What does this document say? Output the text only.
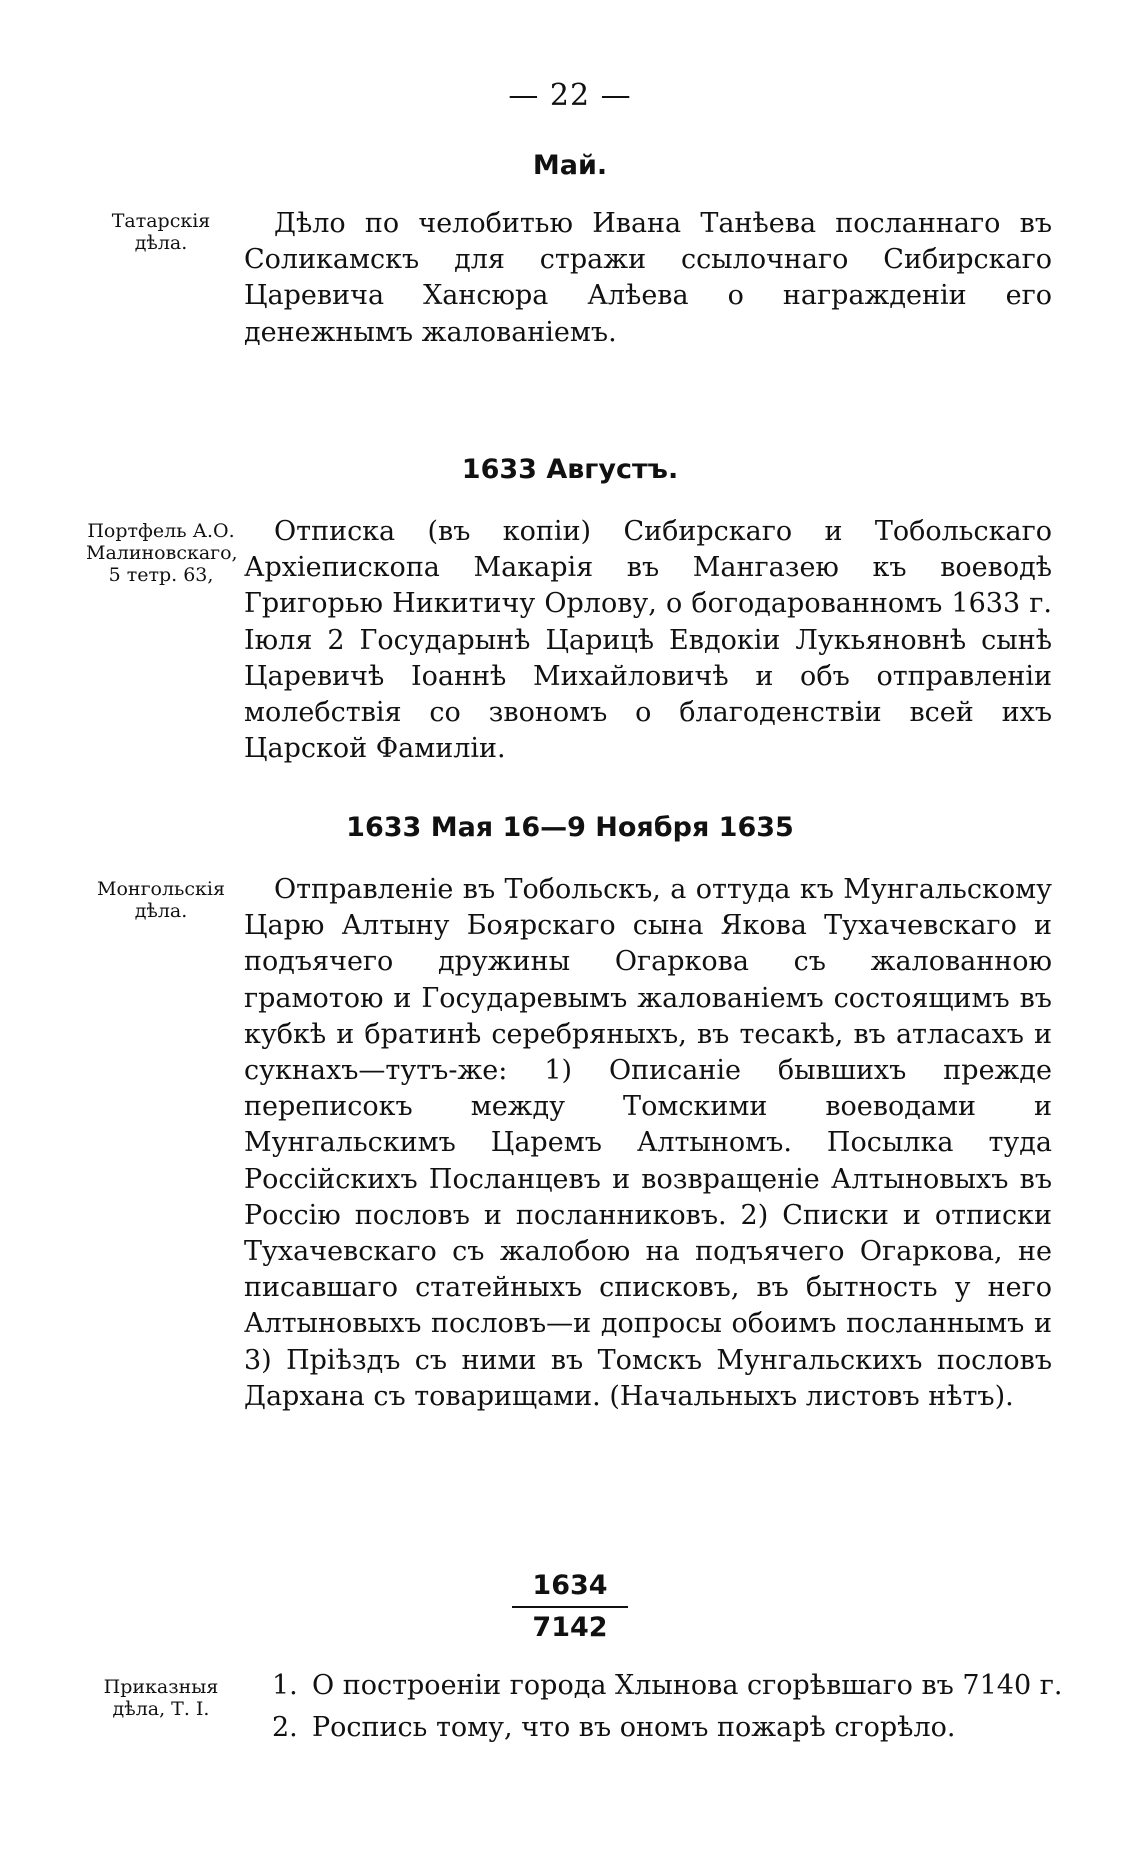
— 22 —
Май.
Татарскія дѣла.

Дѣло по челобитью Ивана Танѣева посланнаго въ Соликамскъ для стражи ссылочнаго Сибирскаго Царевича Хансюра Алѣева о награжденіи его денежнымъ жалованіемъ.

1633 Августъ.
Портфель А.О. Малиновскаго, 5 тетр. 63,

Отписка (въ копіи) Сибирскаго и Тобольскаго Архіепископа Макарія въ Мангазею къ воеводѣ Григорью Никитичу Орлову, о богодарованномъ 1633 г. Іюля 2 Государынѣ Царицѣ Евдокіи Лукьяновнѣ сынѣ Царевичѣ Іоаннѣ Михайловичѣ и объ отправленіи молебствія со звономъ о благоденствіи всей ихъ Царской Фамиліи.

1633 Мая 16—9 Ноября 1635
Монгольскія дѣла.

Отправленіе въ Тобольскъ, а оттуда къ Мунгальскому Царю Алтыну Боярскаго сына Якова Тухачевскаго и подъячего дружины Огаркова съ жалованною грамотою и Государевымъ жалованіемъ состоящимъ въ кубкѣ и братинѣ серебряныхъ, въ тесакѣ, въ атласахъ и сукнахъ—тутъ-же: 1) Описаніе бывшихъ прежде переписокъ между Томскими воеводами и Мунгальскимъ Царемъ Алтыномъ. Посылка туда Россійскихъ Посланцевъ и возвращеніе Алтыновыхъ въ Россію пословъ и посланниковъ. 2) Списки и отписки Тухачевскаго съ жалобою на подъячего Огаркова, не писавшаго статейныхъ списковъ, въ бытность у него Алтыновыхъ пословъ—и допросы обоимъ посланнымъ и 3) Пріѣздъ съ ними въ Томскъ Мунгальскихъ пословъ Дархана съ товарищами. (Начальныхъ листовъ нѣтъ).

1634
7142
Приказныя дѣла, Т. I.
1. О построеніи города Хлынова сгорѣвшаго въ 7140 г.
2. Роспись тому, что въ ономъ пожарѣ сгорѣло.
